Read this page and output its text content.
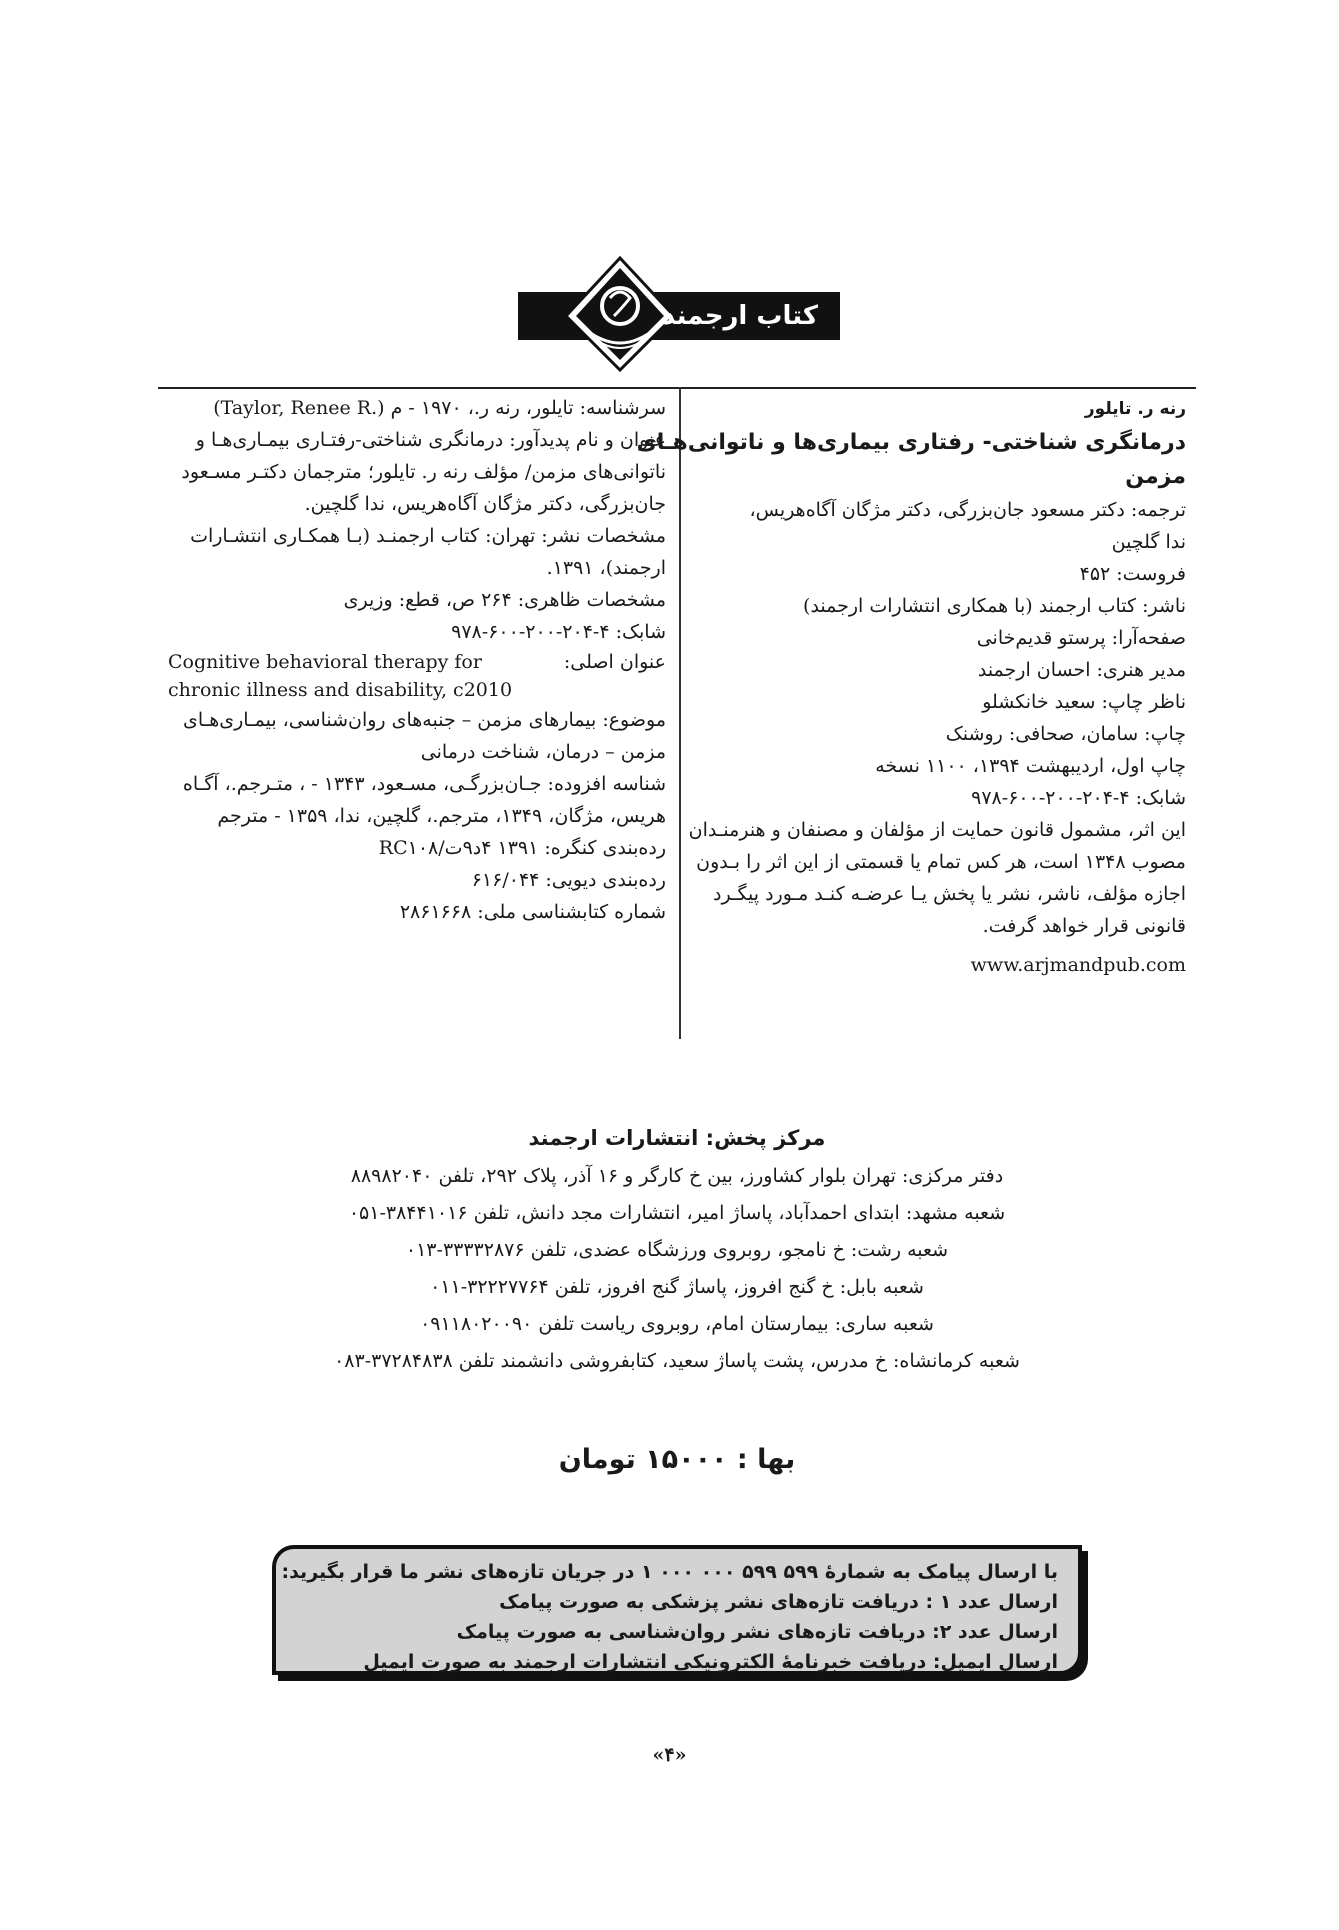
کتاب ارجمند
رنه ر. تایلور
درمانگری شناختی- رفتاری بیماری‌ها و ناتوانی‌هـای
مزمن
ترجمه: دکتر مسعود جان‌بزرگی، دکتر مژگان آگاه‌هریس،
ندا گلچین
فروست: ۴۵۲
ناشر: کتاب ارجمند (با همکاری انتشارات ارجمند)
صفحه‌آرا: پرستو قدیم‌خانی
مدیر هنری: احسان ارجمند
ناظر چاپ: سعید خانکشلو
چاپ: سامان، صحافی: روشنک
چاپ اول، اردیبهشت ۱۳۹۴، ۱۱۰۰ نسخه
شابک: ۴-۲۰۴-۲۰۰-۶۰۰-۹۷۸
این اثر، مشمول قانون حمایت از مؤلفان و مصنفان و هنرمنـدان
مصوب ۱۳۴۸ است، هر کس تمام یا قسمتی از این اثر را بـدون
اجازه مؤلف، ناشر، نشر یا پخش یـا عرضـه کنـد مـورد پیگـرد
قانونی قرار خواهد گرفت.
www.arjmandpub.com
سرشناسه: تایلور، رنه ر.، ۱۹۷۰ - م (Taylor, Renee R.)
عنوان و نام پدیدآور: درمانگری شناختی-رفتـاری بیمـاری‌هـا و
ناتوانی‌های مزمن/ مؤلف رنه ر. تایلور؛ مترجمان دکتـر مسـعود
جان‌بزرگی، دکتر مژگان آگاه‌هریس، ندا گلچین.
مشخصات نشر: تهران: کتاب ارجمنـد (بـا همکـاری انتشـارات
ارجمند)، ۱۳۹۱.
مشخصات ظاهری: ۲۶۴ ص، قطع: وزیری
شابک: ۴-۲۰۴-۲۰۰-۶۰۰-۹۷۸
عنوان اصلی:
Cognitive behavioral therapy for chronic illness and disability, c2010
موضوع: بیمارهای مزمن – جنبه‌های روان‌شناسی، بیمـاری‌هـای
مزمن – درمان، شناخت درمانی
شناسه افزوده: جـان‌بزرگـی، مسـعود، ۱۳۴۳ - ، متـرجم.، آگـاه
هریس، مژگان، ۱۳۴۹، مترجم.، گلچین، ندا، ۱۳۵۹ - مترجم
رده‌بندی کنگره: ۱۳۹۱ ۴د۹ت/RC۱۰۸
رده‌بندی دیویی: ۶۱۶/۰۴۴
شماره کتابشناسی ملی: ۲۸۶۱۶۶۸
مرکز پخش: انتشارات ارجمند
دفتر مرکزی: تهران بلوار کشاورز، بین خ کارگر و ۱۶ آذر، پلاک ۲۹۲، تلفن ۸۸۹۸۲۰۴۰
شعبه مشهد: ابتدای احمدآباد، پاساژ امیر، انتشارات مجد دانش، تلفن ۳۸۴۴۱۰۱۶-۰۵۱
شعبه رشت: خ نامجو، روبروی ورزشگاه عضدی، تلفن ۳۳۳۳۲۸۷۶-۰۱۳
شعبه بابل: خ گنج افروز، پاساژ گنج افروز، تلفن ۳۲۲۲۷۷۶۴-۰۱۱
شعبه ساری: بیمارستان امام، روبروی ریاست تلفن ۰۹۱۱۸۰۲۰۰۹۰
شعبه کرمانشاه: خ مدرس، پشت پاساژ سعید، کتابفروشی دانشمند تلفن ۳۷۲۸۴۸۳۸-۰۸۳
بها : ۱۵۰۰۰ تومان
با ارسال پیامک به شمارهٔ ۵۹۹ ۵۹۹ ۰۰۰ ۰۰۰ ۱ در جریان تازه‌های نشر ما قرار بگیرید:
ارسال عدد ۱ : دریافت تازه‌های نشر پزشکی به صورت پیامک
ارسال عدد ۲: دریافت تازه‌های نشر روان‌شناسی به صورت پیامک
ارسال ایمیل: دریافت خبرنامهٔ الکترونیکی انتشارات ارجمند به صورت ایمیل
«۴»
